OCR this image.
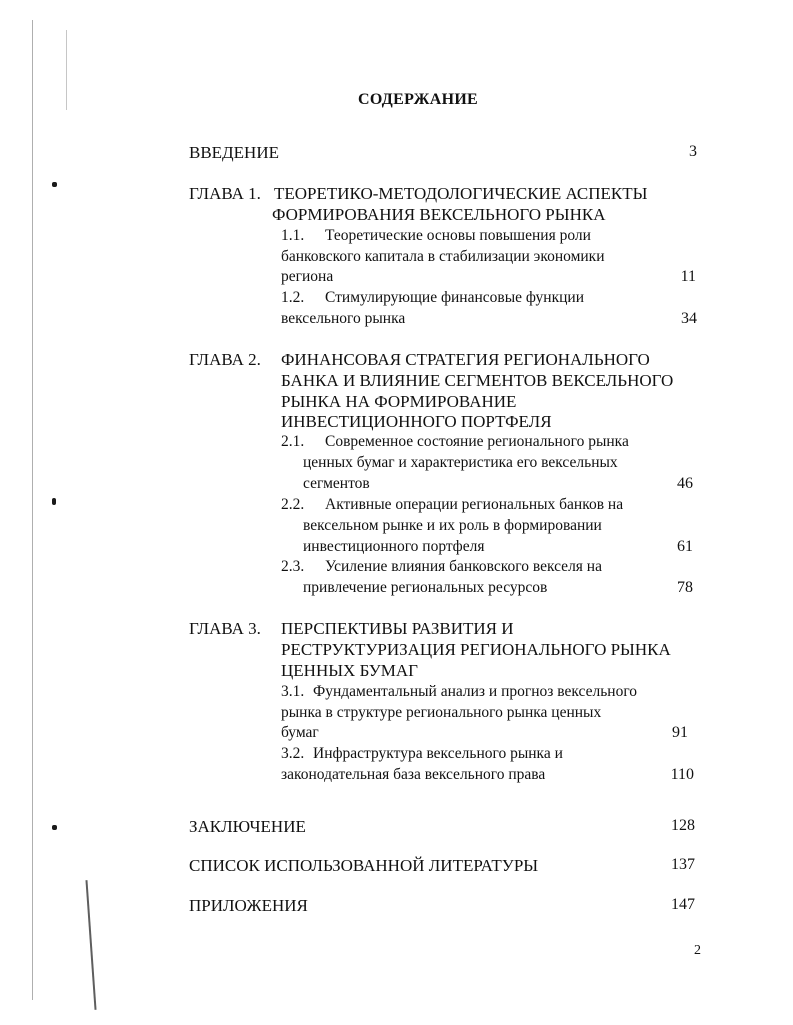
СОДЕРЖАНИЕ
ВВЕДЕНИЕ	3
ГЛАВА 1. ТЕОРЕТИКО-МЕТОДОЛОГИЧЕСКИЕ АСПЕКТЫ
ФОРМИРОВАНИЯ ВЕКСЕЛЬНОГО РЫНКА
1.1. Теоретические основы повышения роли
банковского капитала в стабилизации экономики
региона	11
1.2. Стимулирующие финансовые функции
вексельного рынка	34
ГЛАВА 2. ФИНАНСОВАЯ СТРАТЕГИЯ РЕГИОНАЛЬНОГО
БАНКА И ВЛИЯНИЕ СЕГМЕНТОВ ВЕКСЕЛЬНОГО
РЫНКА НА ФОРМИРОВАНИЕ
ИНВЕСТИЦИОННОГО ПОРТФЕЛЯ
2.1. Современное состояние регионального рынка
ценных бумаг и характеристика его вексельных
сегментов	46
2.2. Активные операции региональных банков на
вексельном рынке и их роль в формировании
инвестиционного портфеля	61
2.3. Усиление влияния банковского векселя на
привлечение региональных ресурсов	78
ГЛАВА 3. ПЕРСПЕКТИВЫ РАЗВИТИЯ И
РЕСТРУКТУРИЗАЦИЯ РЕГИОНАЛЬНОГО РЫНКА
ЦЕННЫХ БУМАГ
3.1. Фундаментальный анализ и прогноз вексельного
рынка в структуре регионального рынка ценных
бумаг	91
3.2. Инфраструктура вексельного рынка и
законодательная база вексельного права	110
ЗАКЛЮЧЕНИЕ	128
СПИСОК ИСПОЛЬЗОВАННОЙ ЛИТЕРАТУРЫ	137
ПРИЛОЖЕНИЯ	147
2
